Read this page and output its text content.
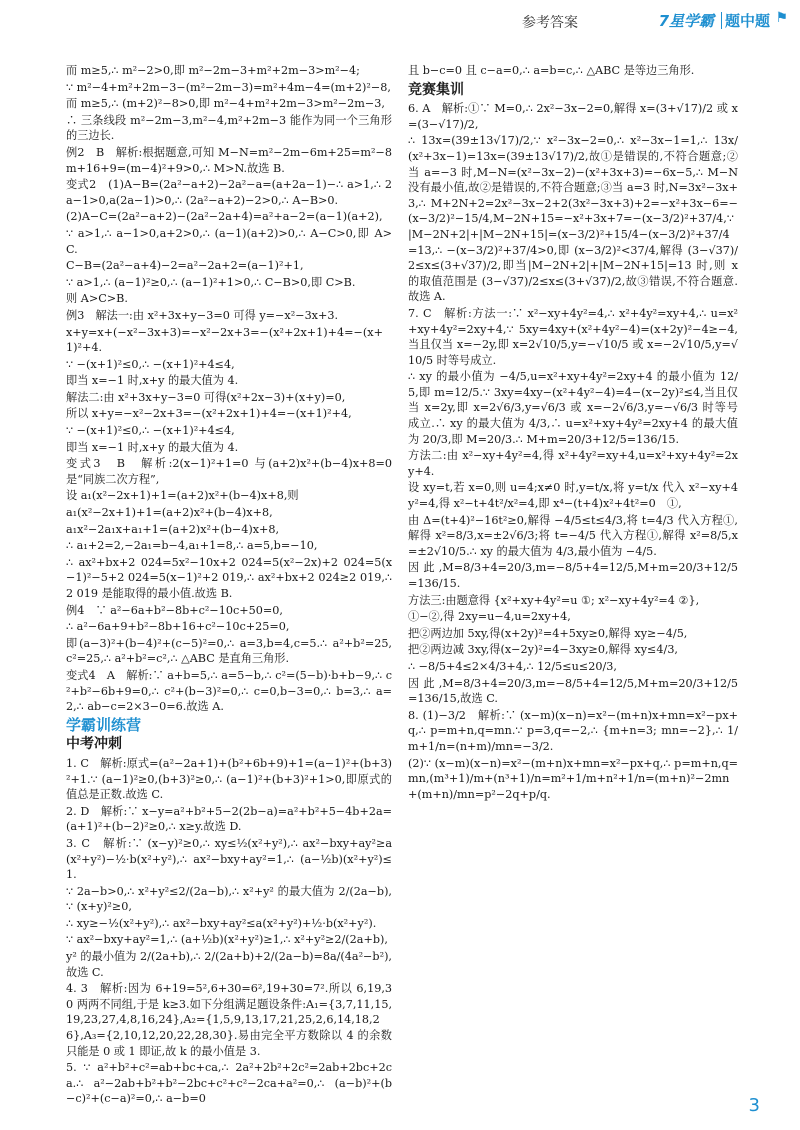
参考答案	7星学霸 题中题 ⚑

而 m≥5,∴ m²−2>0,即 m²−2m−3+m²+2m−3>m²−4;

∵ m²−4+m²+2m−3−(m²−2m−3)=m²+4m−4=(m+2)²−8,

而 m≥5,∴ (m+2)²−8>0,即 m²−4+m²+2m−3>m²−2m−3,

∴ 三条线段 m²−2m−3,m²−4,m²+2m−3 能作为同一个三角形的三边长.

例2　B　解析:根据题意,可知 M−N=m²−2m−6m+25=m²−8m+16+9=(m−4)²+9>0,∴ M>N.故选 B.

变式2　(1)A−B=(2a²−a+2)−2a²−a=(a+2a−1)−∴ a>1,∴ 2a−1>0,a(2a−1)>0,∴ (2a²−a+2)−2>0,∴ A−B>0.

(2)A−C=(2a²−a+2)−(2a²−2a+4)=a²+a−2=(a−1)(a+2),

∵ a>1,∴ a−1>0,a+2>0,∴ (a−1)(a+2)>0,∴ A−C>0,即 A>C.

C−B=(2a²−a+4)−2=a²−2a+2=(a−1)²+1,

∵ a>1,∴ (a−1)²≥0,∴ (a−1)²+1>0,∴ C−B>0,即 C>B.

则 A>C>B.

例3　解法一:由 x²+3x+y−3=0 可得 y=−x²−3x+3.

x+y=x+(−x²−3x+3)=−x²−2x+3=−(x²+2x+1)+4=−(x+1)²+4.

∵ −(x+1)²≤0,∴ −(x+1)²+4≤4,

即当 x=−1 时,x+y 的最大值为 4.

解法二:由 x²+3x+y−3=0 可得(x²+2x−3)+(x+y)=0,

所以 x+y=−x²−2x+3=−(x²+2x+1)+4=−(x+1)²+4,

∵ −(x+1)²≤0,∴ −(x+1)²+4≤4,

即当 x=−1 时,x+y 的最大值为 4.

变式3　B　解析:2(x−1)²+1=0 与(a+2)x²+(b−4)x+8=0 是“同族二次方程”,

设 a₁(x²−2x+1)+1=(a+2)x²+(b−4)x+8,则

a₁(x²−2x+1)+1=(a+2)x²+(b−4)x+8,

a₁x²−2a₁x+a₁+1=(a+2)x²+(b−4)x+8,

∴ a₁+2=2,−2a₁=b−4,a₁+1=8,∴ a=5,b=−10,

∴ ax²+bx+2 024=5x²−10x+2 024=5(x²−2x)+2 024=5(x−1)²−5+2 024=5(x−1)²+2 019,∴ ax²+bx+2 024≥2 019,∴ 2 019 是能取得的最小值.故选 B.

例4　∵ a²−6a+b²−8b+c²−10c+50=0,

∴ a²−6a+9+b²−8b+16+c²−10c+25=0,

即(a−3)²+(b−4)²+(c−5)²=0,∴ a=3,b=4,c=5.∴ a²+b²=25,c²=25,∴ a²+b²=c²,∴ △ABC 是直角三角形.

变式4　A　解析:∵ a+b=5,∴ a=5−b,∴ c²=(5−b)·b+b−9,∴ c²+b²−6b+9=0,∴ c²+(b−3)²=0,∴ c=0,b−3=0,∴ b=3,∴ a=2,∴ ab−c=2×3−0=6.故选 A.

学霸训练营

中考冲刺

1. C　解析:原式=(a²−2a+1)+(b²+6b+9)+1=(a−1)²+(b+3)²+1.∵ (a−1)²≥0,(b+3)²≥0,∴ (a−1)²+(b+3)²+1>0,即原式的值总是正数.故选 C.

2. D　解析:∵ x−y=a²+b²+5−2(2b−a)=a²+b²+5−4b+2a=(a+1)²+(b−2)²≥0,∴ x≥y.故选 D.

3. C　解析:∵ (x−y)²≥0,∴ xy≤½(x²+y²),∴ ax²−bxy+ay²≥a(x²+y²)−½·b(x²+y²),∴ ax²−bxy+ay²=1,∴ (a−½b)(x²+y²)≤1.

∵ 2a−b>0,∴ x²+y²≤2/(2a−b),∴ x²+y² 的最大值为 2/(2a−b),∵ (x+y)²≥0,

∴ xy≥−½(x²+y²),∴ ax²−bxy+ay²≤a(x²+y²)+½·b(x²+y²).

∵ ax²−bxy+ay²=1,∴ (a+½b)(x²+y²)≥1,∴ x²+y²≥2/(2a+b),

y² 的最小值为 2/(2a+b),∴ 2/(2a+b)+2/(2a−b)=8a/(4a²−b²),故选 C.

4. 3　解析:因为 6+19=5²,6+30=6²,19+30=7².所以 6,19,30 两两不同组,于是 k≥3.如下分组满足题设条件:A₁={3,7,11,15,19,23,27,4,8,16,24},A₂={1,5,9,13,17,21,25,2,6,14,18,26},A₃={2,10,12,20,22,28,30}.易由完全平方数除以 4 的余数只能是 0 或 1 即证,故 k 的最小值是 3.

5. ∵ a²+b²+c²=ab+bc+ca,∴ 2a²+2b²+2c²=2ab+2bc+2ca.∴ a²−2ab+b²+b²−2bc+c²+c²−2ca+a²=0,∴ (a−b)²+(b−c)²+(c−a)²=0,∴ a−b=0

且 b−c=0 且 c−a=0,∴ a=b=c,∴ △ABC 是等边三角形.

竞赛集训

6. A　解析:①∵ M=0,∴ 2x²−3x−2=0,解得 x=(3+√17)/2 或 x=(3−√17)/2,

∴ 13x=(39±13√17)/2,∵ x²−3x−2=0,∴ x²−3x−1=1,∴ 13x/(x²+3x−1)=13x=(39±13√17)/2,故①是错误的,不符合题意;②当 a=−3 时,M−N=(x²−3x−2)−(x²+3x+3)=−6x−5,∴ M−N 没有最小值,故②是错误的,不符合题意;③当 a=3 时,N=3x²−3x+3,∴ M+2N+2=2x²−3x−2+2(3x²−3x+3)+2=−x²+3x−6=−(x−3/2)²−15/4,M−2N+15=−x²+3x+7=−(x−3/2)²+37/4,∵ |M−2N+2|+|M−2N+15|=(x−3/2)²+15/4−(x−3/2)²+37/4=13,∴ −(x−3/2)²+37/4>0,即 (x−3/2)²<37/4,解得 (3−√37)/2≤x≤(3+√37)/2,即当|M−2N+2|+|M−2N+15|=13 时,则 x 的取值范围是 (3−√37)/2≤x≤(3+√37)/2,故③错误,不符合题意.故选 A.

7. C　解析:方法一:∵ x²−xy+4y²=4,∴ x²+4y²=xy+4,∴ u=x²+xy+4y²=2xy+4,∵ 5xy=4xy+(x²+4y²−4)=(x+2y)²−4≥−4,当且仅当 x=−2y,即 x=2√10/5,y=−√10/5 或 x=−2√10/5,y=√10/5 时等号成立.

∴ xy 的最小值为 −4/5,u=x²+xy+4y²=2xy+4 的最小值为 12/5,即 m=12/5.∵ 3xy=4xy−(x²+4y²−4)=4−(x−2y)²≤4,当且仅当 x=2y,即 x=2√6/3,y=√6/3 或 x=−2√6/3,y=−√6/3 时等号成立.∴ xy 的最大值为 4/3,∴ u=x²+xy+4y²=2xy+4 的最大值为 20/3,即 M=20/3.∴ M+m=20/3+12/5=136/15.

方法二:由 x²−xy+4y²=4,得 x²+4y²=xy+4,u=x²+xy+4y²=2xy+4.

设 xy=t,若 x=0,则 u=4;x≠0 时,y=t/x,将 y=t/x 代入 x²−xy+4y²=4,得 x²−t+4t²/x²=4,即 x⁴−(t+4)x²+4t²=0　①,

由 Δ=(t+4)²−16t²≥0,解得 −4/5≤t≤4/3,将 t=4/3 代入方程①,解得 x²=8/3,x=±2√6/3;将 t=−4/5 代入方程①,解得 x²=8/5,x=±2√10/5.∴ xy 的最大值为 4/3,最小值为 −4/5.

因此,M=8/3+4=20/3,m=−8/5+4=12/5,M+m=20/3+12/5=136/15.

方法三:由题意得 {x²+xy+4y²=u ①; x²−xy+4y²=4 ②},

①−②,得 2xy=u−4,u=2xy+4,

把②两边加 5xy,得(x+2y)²=4+5xy≥0,解得 xy≥−4/5,

把②两边减 3xy,得(x−2y)²=4−3xy≥0,解得 xy≤4/3,

∴ −8/5+4≤2×4/3+4,∴ 12/5≤u≤20/3,

因此,M=8/3+4=20/3,m=−8/5+4=12/5,M+m=20/3+12/5=136/15,故选 C.

8. (1)−3/2　解析:∵ (x−m)(x−n)=x²−(m+n)x+mn=x²−px+q,∴ p=m+n,q=mn.∵ p=3,q=−2,∴ {m+n=3; mn=−2},∴ 1/m+1/n=(n+m)/mn=−3/2.

(2)∵ (x−m)(x−n)=x²−(m+n)x+mn=x²−px+q,∴ p=m+n,q=mn,(m³+1)/m+(n³+1)/n=m²+1/m+n²+1/n=(m+n)²−2mn+(m+n)/mn=p²−2q+p/q.

3
